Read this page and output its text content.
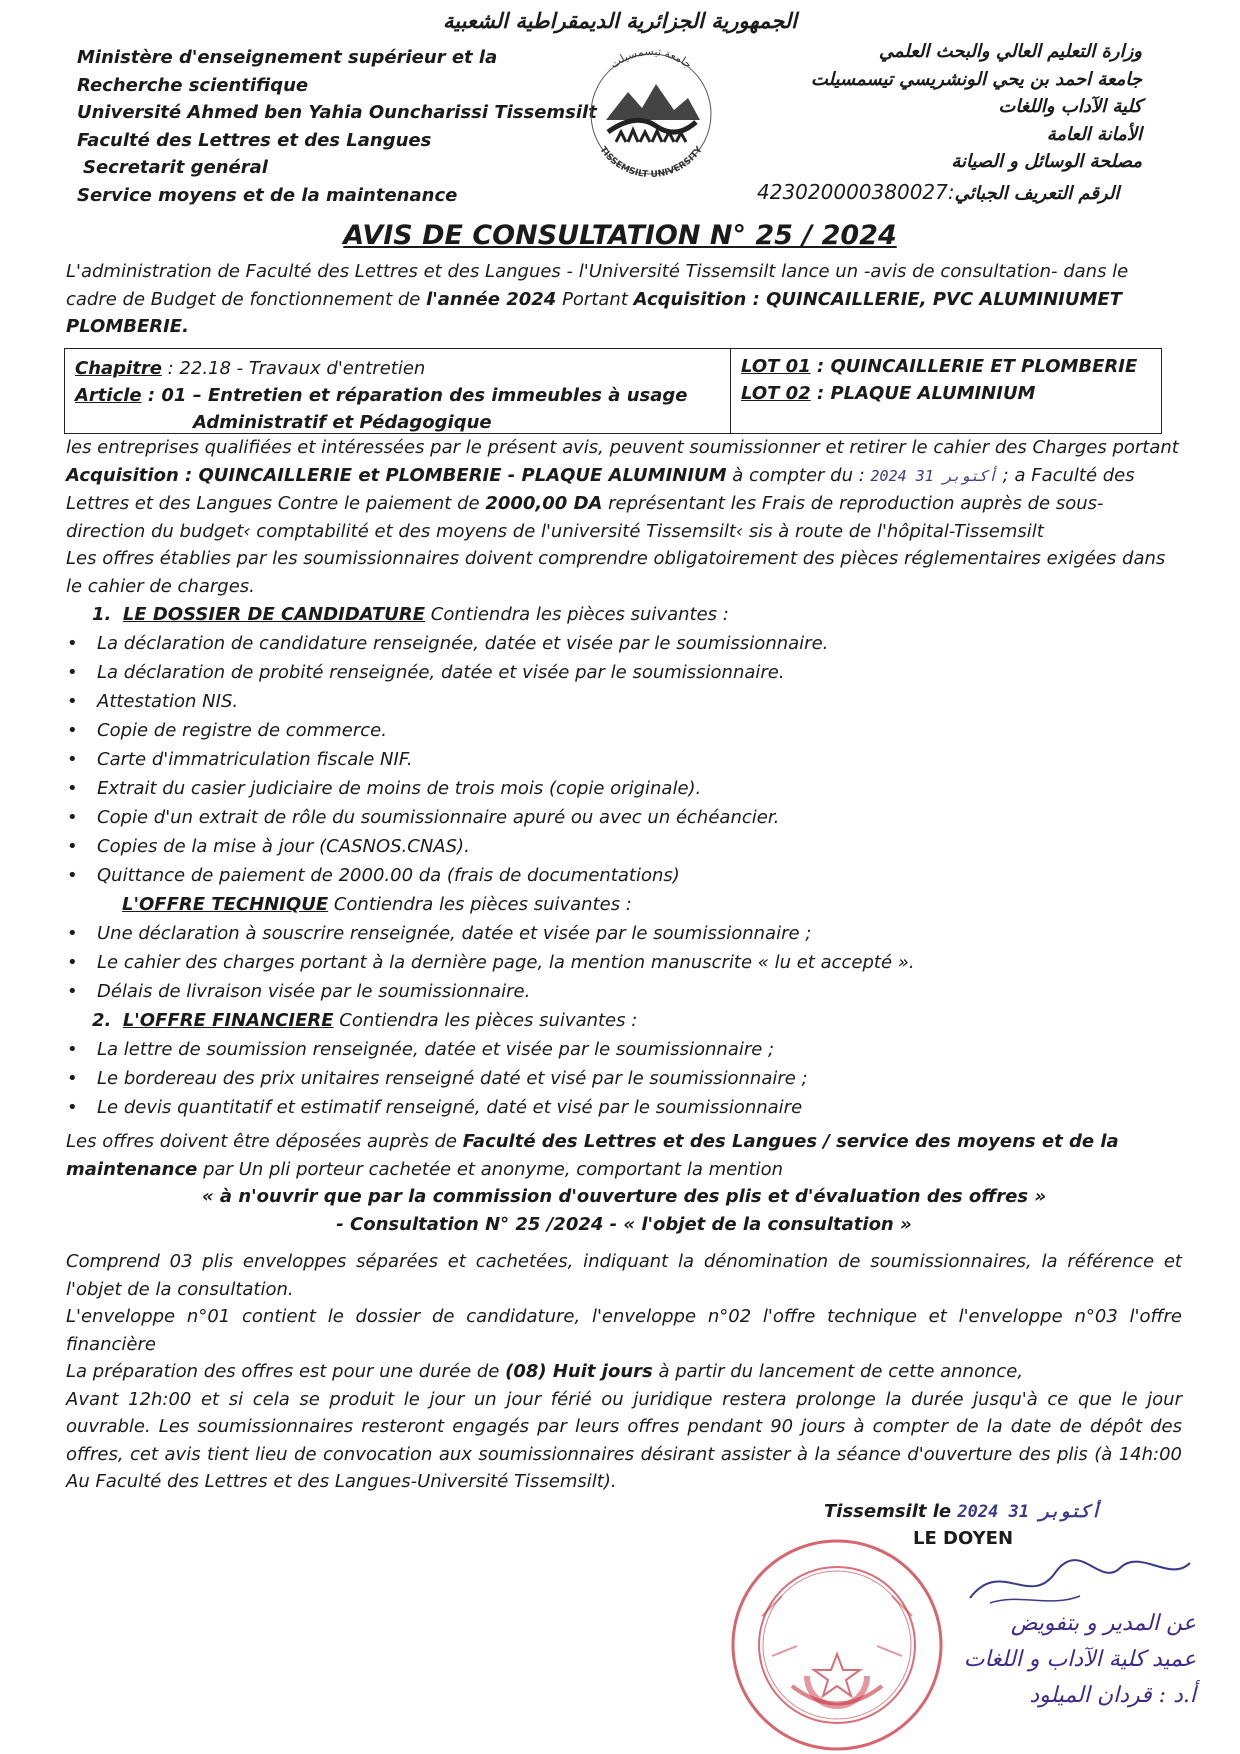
الجمهورية الجزائرية الديمقراطية الشعبية
Ministère d'enseignement supérieur et la
Recherche scientifique
Université Ahmed ben Yahia Ouncharissi Tissemsilt
Faculté des Lettres et des Langues
Secretarit genéral
Service moyens et de la maintenance
جامعة تيسمسيلت
TISSEMSILT UNIVERSITY
وزارة التعليم العالي والبحث العلمي
جامعة احمد بن يحي الونشريسي تيسمسيلت
كلية الآداب واللغات
الأمانة العامة
مصلحة الوسائل و الصيانة
423020000380027:الرقم التعريف الجبائي
AVIS DE CONSULTATION N° 25 / 2024
L'administration de Faculté des Lettres et des Langues - l'Université Tissemsilt lance un -avis de consultation- dans le cadre de Budget de fonctionnement de l'année 2024 Portant Acquisition : QUINCAILLERIE, PVC ALUMINIUMET PLOMBERIE.
Chapitre : 22.18 - Travaux d'entretien
Article : 01 – Entretien et réparation des immeubles à usage
Administratif et Pédagogique
LOT 01 : QUINCAILLERIE ET PLOMBERIE
LOT 02 : PLAQUE ALUMINIUM
les entreprises qualifiées et intéressées par le présent avis, peuvent soumissionner et retirer le cahier des Charges portant Acquisition : QUINCAILLERIE et PLOMBERIE - PLAQUE ALUMINIUM à compter du : 2024 أكتوبر 31 ; a Faculté des Lettres et des Langues Contre le paiement de 2000,00 DA représentant les Frais de reproduction auprès de sous-direction du budget‹ comptabilité et des moyens de l'université Tissemsilt‹ sis à route de l'hôpital-Tissemsilt
Les offres établies par les soumissionnaires doivent comprendre obligatoirement des pièces réglementaires exigées dans le cahier de charges.
1. LE DOSSIER DE CANDIDATURE Contiendra les pièces suivantes :
• La déclaration de candidature renseignée, datée et visée par le soumissionnaire.
• La déclaration de probité renseignée, datée et visée par le soumissionnaire.
• Attestation NIS.
• Copie de registre de commerce.
• Carte d'immatriculation fiscale NIF.
• Extrait du casier judiciaire de moins de trois mois (copie originale).
• Copie d'un extrait de rôle du soumissionnaire apuré ou avec un échéancier.
• Copies de la mise à jour (CASNOS.CNAS).
• Quittance de paiement de 2000.00 da (frais de documentations)
L'OFFRE TECHNIQUE Contiendra les pièces suivantes :
• Une déclaration à souscrire renseignée, datée et visée par le soumissionnaire ;
• Le cahier des charges portant à la dernière page, la mention manuscrite « lu et accepté ».
• Délais de livraison visée par le soumissionnaire.
2. L'OFFRE FINANCIERE Contiendra les pièces suivantes :
• La lettre de soumission renseignée, datée et visée par le soumissionnaire ;
• Le bordereau des prix unitaires renseigné daté et visé par le soumissionnaire ;
• Le devis quantitatif et estimatif renseigné, daté et visé par le soumissionnaire
Les offres doivent être déposées auprès de Faculté des Lettres et des Langues / service des moyens et de la maintenance par Un pli porteur cachetée et anonyme, comportant la mention
« à n'ouvrir que par la commission d'ouverture des plis et d'évaluation des offres »
- Consultation N° 25 /2024 - « l'objet de la consultation »
Comprend 03 plis enveloppes séparées et cachetées, indiquant la dénomination de soumissionnaires, la référence et l'objet de la consultation.
L'enveloppe n°01 contient le dossier de candidature, l'enveloppe n°02 l'offre technique et l'enveloppe n°03 l'offre financière
La préparation des offres est pour une durée de (08) Huit jours à partir du lancement de cette annonce,
Avant 12h:00 et si cela se produit le jour un jour férié ou juridique restera prolonge la durée jusqu'à ce que le jour ouvrable. Les soumissionnaires resteront engagés par leurs offres pendant 90 jours à compter de la date de dépôt des offres, cet avis tient lieu de convocation aux soumissionnaires désirant assister à la séance d'ouverture des plis (à 14h:00 Au Faculté des Lettres et des Langues-Université Tissemsilt).
Tissemsilt le 2024 أكتوبر 31
LE DOYEN
عن المدير و بتفويض
عميد كلية الآداب و اللغات
أ.د : قردان الميلود
